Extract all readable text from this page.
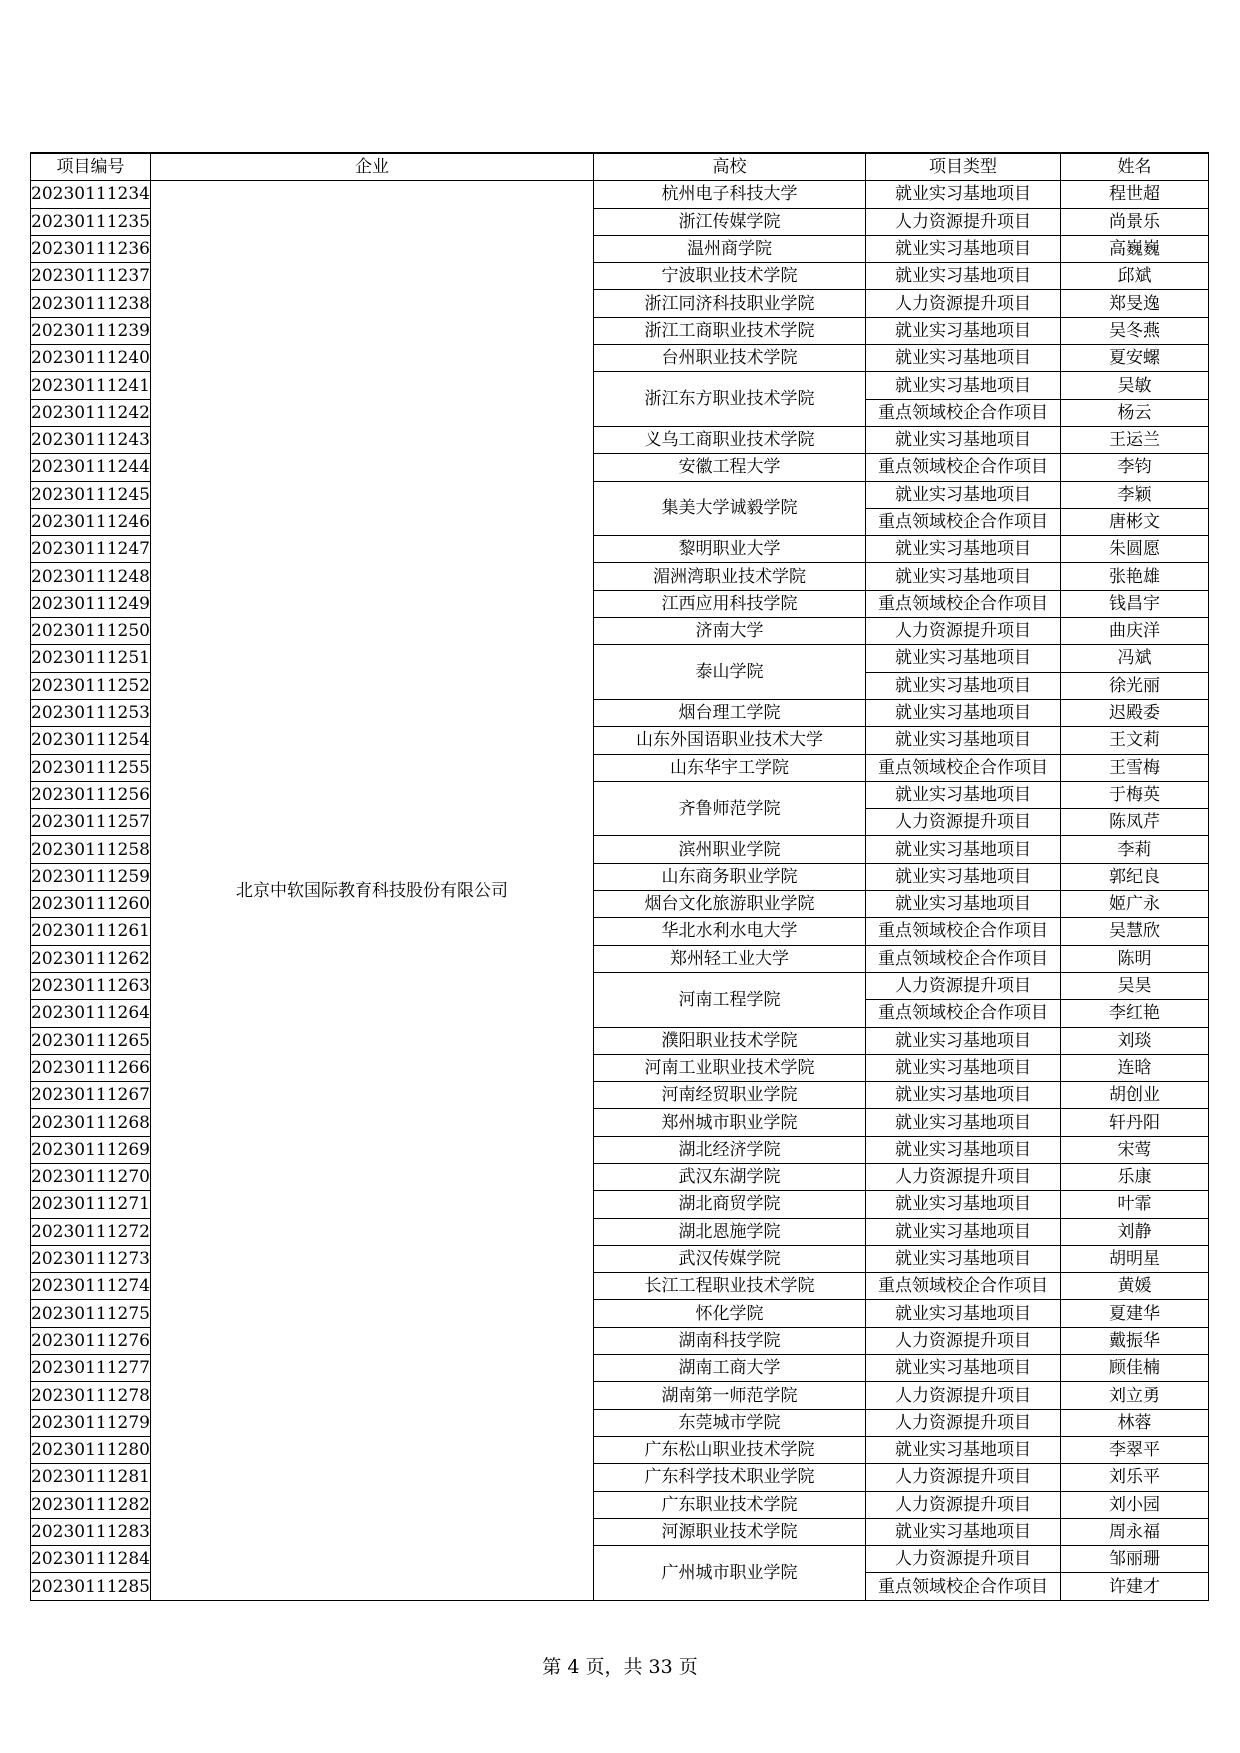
项目编号	企业	高校	项目类型	姓名
20230111234	北京中软国际教育科技股份有限公司	杭州电子科技大学	就业实习基地项目	程世超
20230111235		浙江传媒学院	人力资源提升项目	尚景乐
20230111236		温州商学院	就业实习基地项目	高巍巍
20230111237		宁波职业技术学院	就业实习基地项目	邱斌
20230111238		浙江同济科技职业学院	人力资源提升项目	郑旻逸
20230111239		浙江工商职业技术学院	就业实习基地项目	吴冬燕
20230111240		台州职业技术学院	就业实习基地项目	夏安螺
20230111241		浙江东方职业技术学院	就业实习基地项目	吴敏
20230111242			重点领域校企合作项目	杨云
20230111243		义乌工商职业技术学院	就业实习基地项目	王运兰
20230111244		安徽工程大学	重点领域校企合作项目	李钧
20230111245		集美大学诚毅学院	就业实习基地项目	李颖
20230111246			重点领域校企合作项目	唐彬文
20230111247		黎明职业大学	就业实习基地项目	朱圆愿
20230111248		湄洲湾职业技术学院	就业实习基地项目	张艳雄
20230111249		江西应用科技学院	重点领域校企合作项目	钱昌宇
20230111250		济南大学	人力资源提升项目	曲庆洋
20230111251		泰山学院	就业实习基地项目	冯斌
20230111252			就业实习基地项目	徐光丽
20230111253		烟台理工学院	就业实习基地项目	迟殿委
20230111254		山东外国语职业技术大学	就业实习基地项目	王文莉
20230111255		山东华宇工学院	重点领域校企合作项目	王雪梅
20230111256		齐鲁师范学院	就业实习基地项目	于梅英
20230111257			人力资源提升项目	陈凤芹
20230111258		滨州职业学院	就业实习基地项目	李莉
20230111259		山东商务职业学院	就业实习基地项目	郭纪良
20230111260		烟台文化旅游职业学院	就业实习基地项目	姬广永
20230111261		华北水利水电大学	重点领域校企合作项目	吴慧欣
20230111262		郑州轻工业大学	重点领域校企合作项目	陈明
20230111263		河南工程学院	人力资源提升项目	吴昊
20230111264			重点领域校企合作项目	李红艳
20230111265		濮阳职业技术学院	就业实习基地项目	刘琰
20230111266		河南工业职业技术学院	就业实习基地项目	连晗
20230111267		河南经贸职业学院	就业实习基地项目	胡创业
20230111268		郑州城市职业学院	就业实习基地项目	轩丹阳
20230111269		湖北经济学院	就业实习基地项目	宋莺
20230111270		武汉东湖学院	人力资源提升项目	乐康
20230111271		湖北商贸学院	就业实习基地项目	叶霏
20230111272		湖北恩施学院	就业实习基地项目	刘静
20230111273		武汉传媒学院	就业实习基地项目	胡明星
20230111274		长江工程职业技术学院	重点领域校企合作项目	黄媛
20230111275		怀化学院	就业实习基地项目	夏建华
20230111276		湖南科技学院	人力资源提升项目	戴振华
20230111277		湖南工商大学	就业实习基地项目	顾佳楠
20230111278		湖南第一师范学院	人力资源提升项目	刘立勇
20230111279		东莞城市学院	人力资源提升项目	林蓉
20230111280		广东松山职业技术学院	就业实习基地项目	李翠平
20230111281		广东科学技术职业学院	人力资源提升项目	刘乐平
20230111282		广东职业技术学院	人力资源提升项目	刘小园
20230111283		河源职业技术学院	就业实习基地项目	周永福
20230111284		广州城市职业学院	人力资源提升项目	邹丽珊
20230111285			重点领域校企合作项目	许建才
第 4 页，共 33 页
